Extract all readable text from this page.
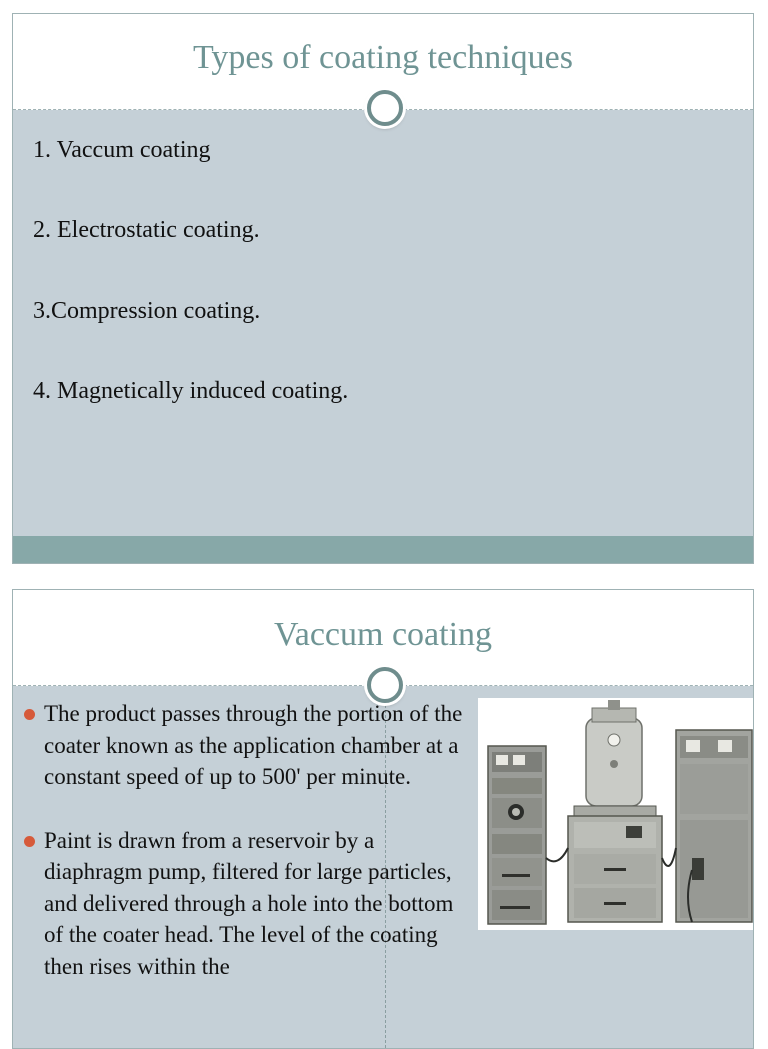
Types of coating techniques

1. Vaccum coating

2. Electrostatic coating.

3.Compression coating.

4. Magnetically induced coating.

Vaccum coating
The product passes through the portion of the coater known as the application chamber at a constant speed of up to 500' per minute.
Paint is drawn from a reservoir by a diaphragm pump, filtered for large particles, and delivered through a hole into the bottom of the coater head. The level of the coating then rises within the
